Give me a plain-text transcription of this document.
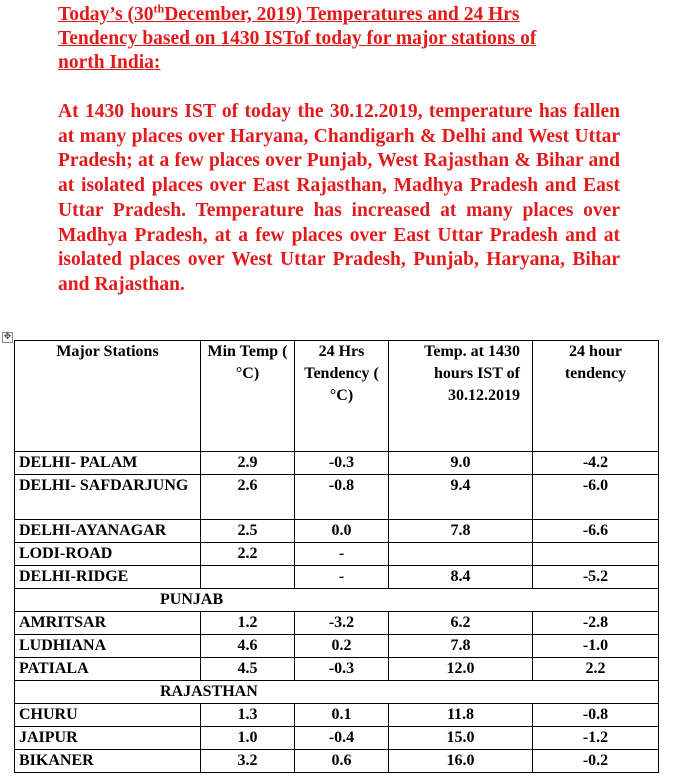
Today’s (30thDecember, 2019) Temperatures and 24 Hrs
Tendency based on 1430 ISTof today for major stations of
north India:
At 1430 hours IST of today the 30.12.2019, temperature has fallen at many places over Haryana, Chandigarh & Delhi and West Uttar Pradesh; at a few places over Punjab, West Rajasthan & Bihar and at isolated places over East Rajasthan, Madhya Pradesh and East Uttar Pradesh. Temperature has increased at many places over Madhya Pradesh, at a few places over East Uttar Pradesh and at isolated places over West Uttar Pradesh, Punjab, Haryana, Bihar and Rajasthan.
✥
Major Stations	Min Temp ( °C)	24 Hrs Tendency ( °C)	Temp. at 1430 hours IST of 30.12.2019	24 hour tendency
DELHI- PALAM	2.9	-0.3	9.0	-4.2
DELHI- SAFDARJUNG	2.6	-0.8	9.4	-6.0
DELHI-AYANAGAR	2.5	0.0	7.8	-6.6
LODI-ROAD	2.2	-		
DELHI-RIDGE		-	8.4	-5.2
PUNJAB				
AMRITSAR	1.2	-3.2	6.2	-2.8
LUDHIANA	4.6	0.2	7.8	-1.0
PATIALA	4.5	-0.3	12.0	2.2
RAJASTHAN				
CHURU	1.3	0.1	11.8	-0.8
JAIPUR	1.0	-0.4	15.0	-1.2
BIKANER	3.2	0.6	16.0	-0.2
